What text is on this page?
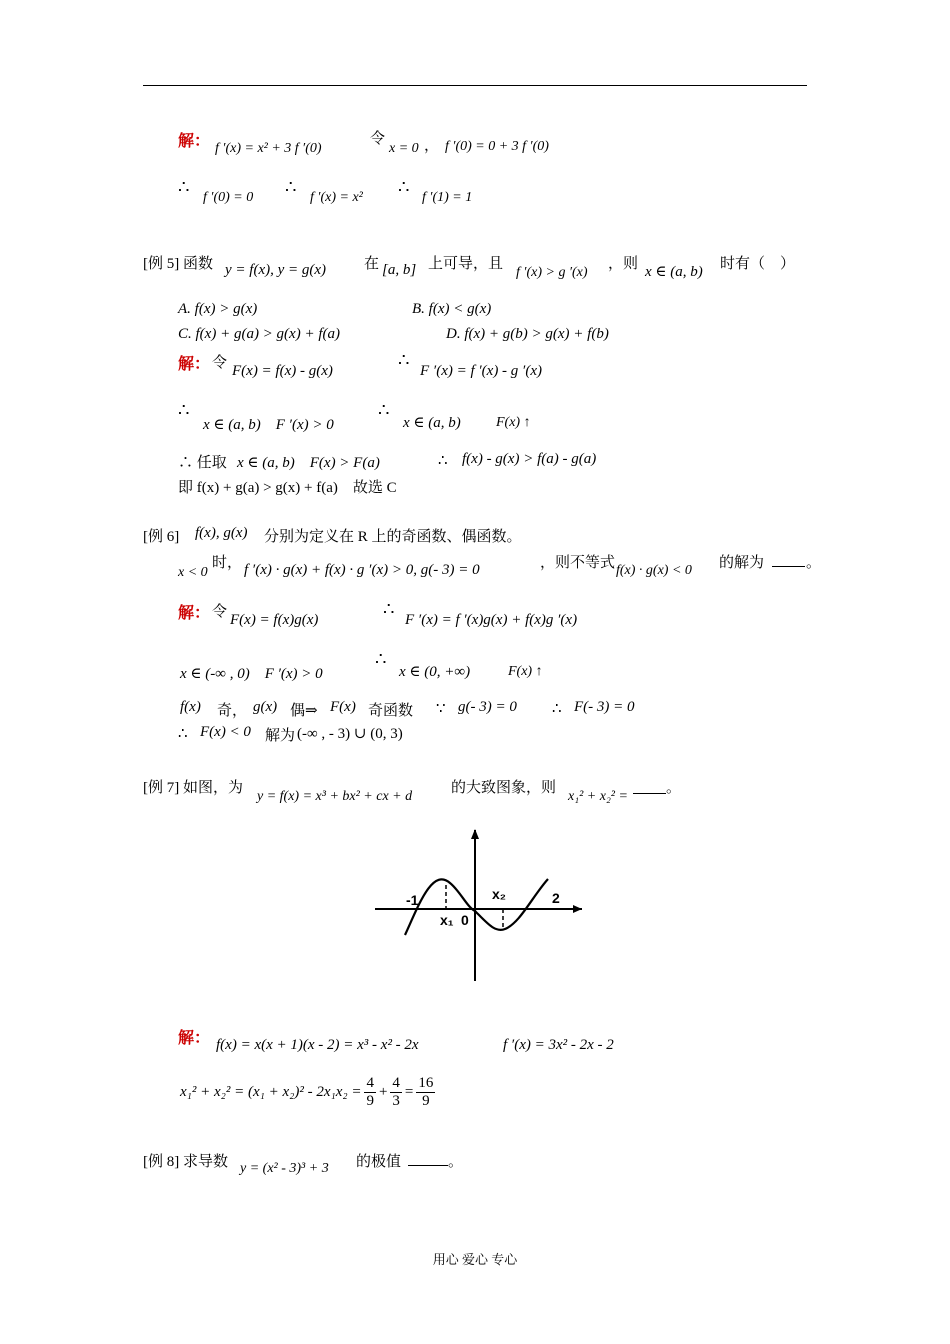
解： f ′(x) = x² + 3 f ′(0)
令
x = 0 ， f ′(0) = 0 + 3 f ′(0)
∴
f ′(0) = 0
∴
f ′(x) = x²
∴
f ′(1) = 1
[例 5] 函数 y = f(x), y = g(x)	在 [a, b] 上可导，且
f ′(x) > g ′(x)
，则 x ∈ (a, b) 时有（　）
A. f(x) > g(x)	B. f(x) < g(x)
C. f(x) + g(a) > g(x) + f(a)	D. f(x) + g(b) > g(x) + f(b)
解： 令 F(x) = f(x) - g(x)
∴
F ′(x) = f ′(x) - g ′(x)
∴
x ∈ (a, b)　F ′(x) > 0
∴
x ∈ (a, b)	F(x) ↑
∴ 任取 x ∈ (a, b)　F(x) > F(a)	∴ f(x) - g(x) > f(a) - g(a)
即 f(x) + g(a) > g(x) + f(a)　故选 C
[例 6] f(x), g(x) 分别为定义在 R 上的奇函数、偶函数。
x < 0
时， f ′(x) · g(x) + f(x) · g ′(x) > 0, g(- 3) = 0	，则不等式 f(x) · g(x) < 0 的解为	。
解： 令 F(x) = f(x)g(x)
∴
F ′(x) = f ′(x)g(x) + f(x)g ′(x)
x ∈ (-∞ , 0)　F ′(x) > 0
∴
x ∈ (0, +∞)	F(x) ↑
f(x) 奇， g(x) 偶⇒ F(x) 奇函数 ∵ g(- 3) = 0 ∴ F(- 3) = 0
∴ F(x) < 0 解为 (-∞ , - 3) ∪ (0, 3)
[例 7] 如图，为
y = f(x) = x³ + bx² + cx + d
的大致图象，则
x₁² + x₂² =
。
-1
x₁ 0
x₂	2
解： f(x) = x(x + 1)(x - 2) = x³ - x² - 2x	f ′(x) = 3x² - 2x - 2
$x_1^2 + x_2^2 = (x_1 + x_2)^2 - 2x_1x_2 = \frac{4}{9} + \frac{4}{3} = \frac{16}{9}$
[例 8] 求导数 y = (x² - 3)³ + 3 的极值	。
用心 爱心 专心
